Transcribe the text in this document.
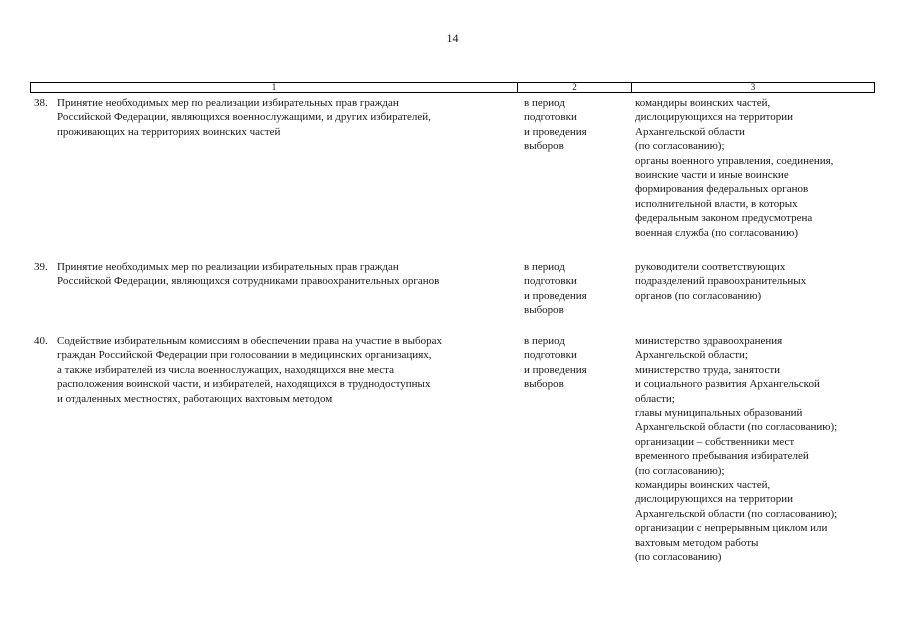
14
1	2	3
38. Принятие необходимых мер по реализации избирательных прав граждан
Российской Федерации, являющихся военнослужащими, и других избирателей,
проживающих на территориях воинских частей
в период
подготовки
и проведения
выборов
командиры воинских частей,
дислоцирующихся на территории
Архангельской области
(по согласованию);
органы военного управления, соединения,
воинские части и иные воинские
формирования федеральных органов
исполнительной власти, в которых
федеральным законом предусмотрена
военная служба (по согласованию)
39. Принятие необходимых мер по реализации избирательных прав граждан
Российской Федерации, являющихся сотрудниками правоохранительных органов
в период
подготовки
и проведения
выборов
руководители соответствующих
подразделений правоохранительных
органов (по согласованию)
40. Содействие избирательным комиссиям в обеспечении права на участие в выборах
граждан Российской Федерации при голосовании в медицинских организациях,
а также избирателей из числа военнослужащих, находящихся вне места
расположения воинской части, и избирателей, находящихся в труднодоступных
и отдаленных местностях, работающих вахтовым методом
в период
подготовки
и проведения
выборов
министерство здравоохранения
Архангельской области;
министерство труда, занятости
и социального развития Архангельской
области;
главы муниципальных образований
Архангельской области (по согласованию);
организации – собственники мест
временного пребывания избирателей
(по согласованию);
командиры воинских частей,
дислоцирующихся на территории
Архангельской области (по согласованию);
организации с непрерывным циклом или
вахтовым методом работы
(по согласованию)
